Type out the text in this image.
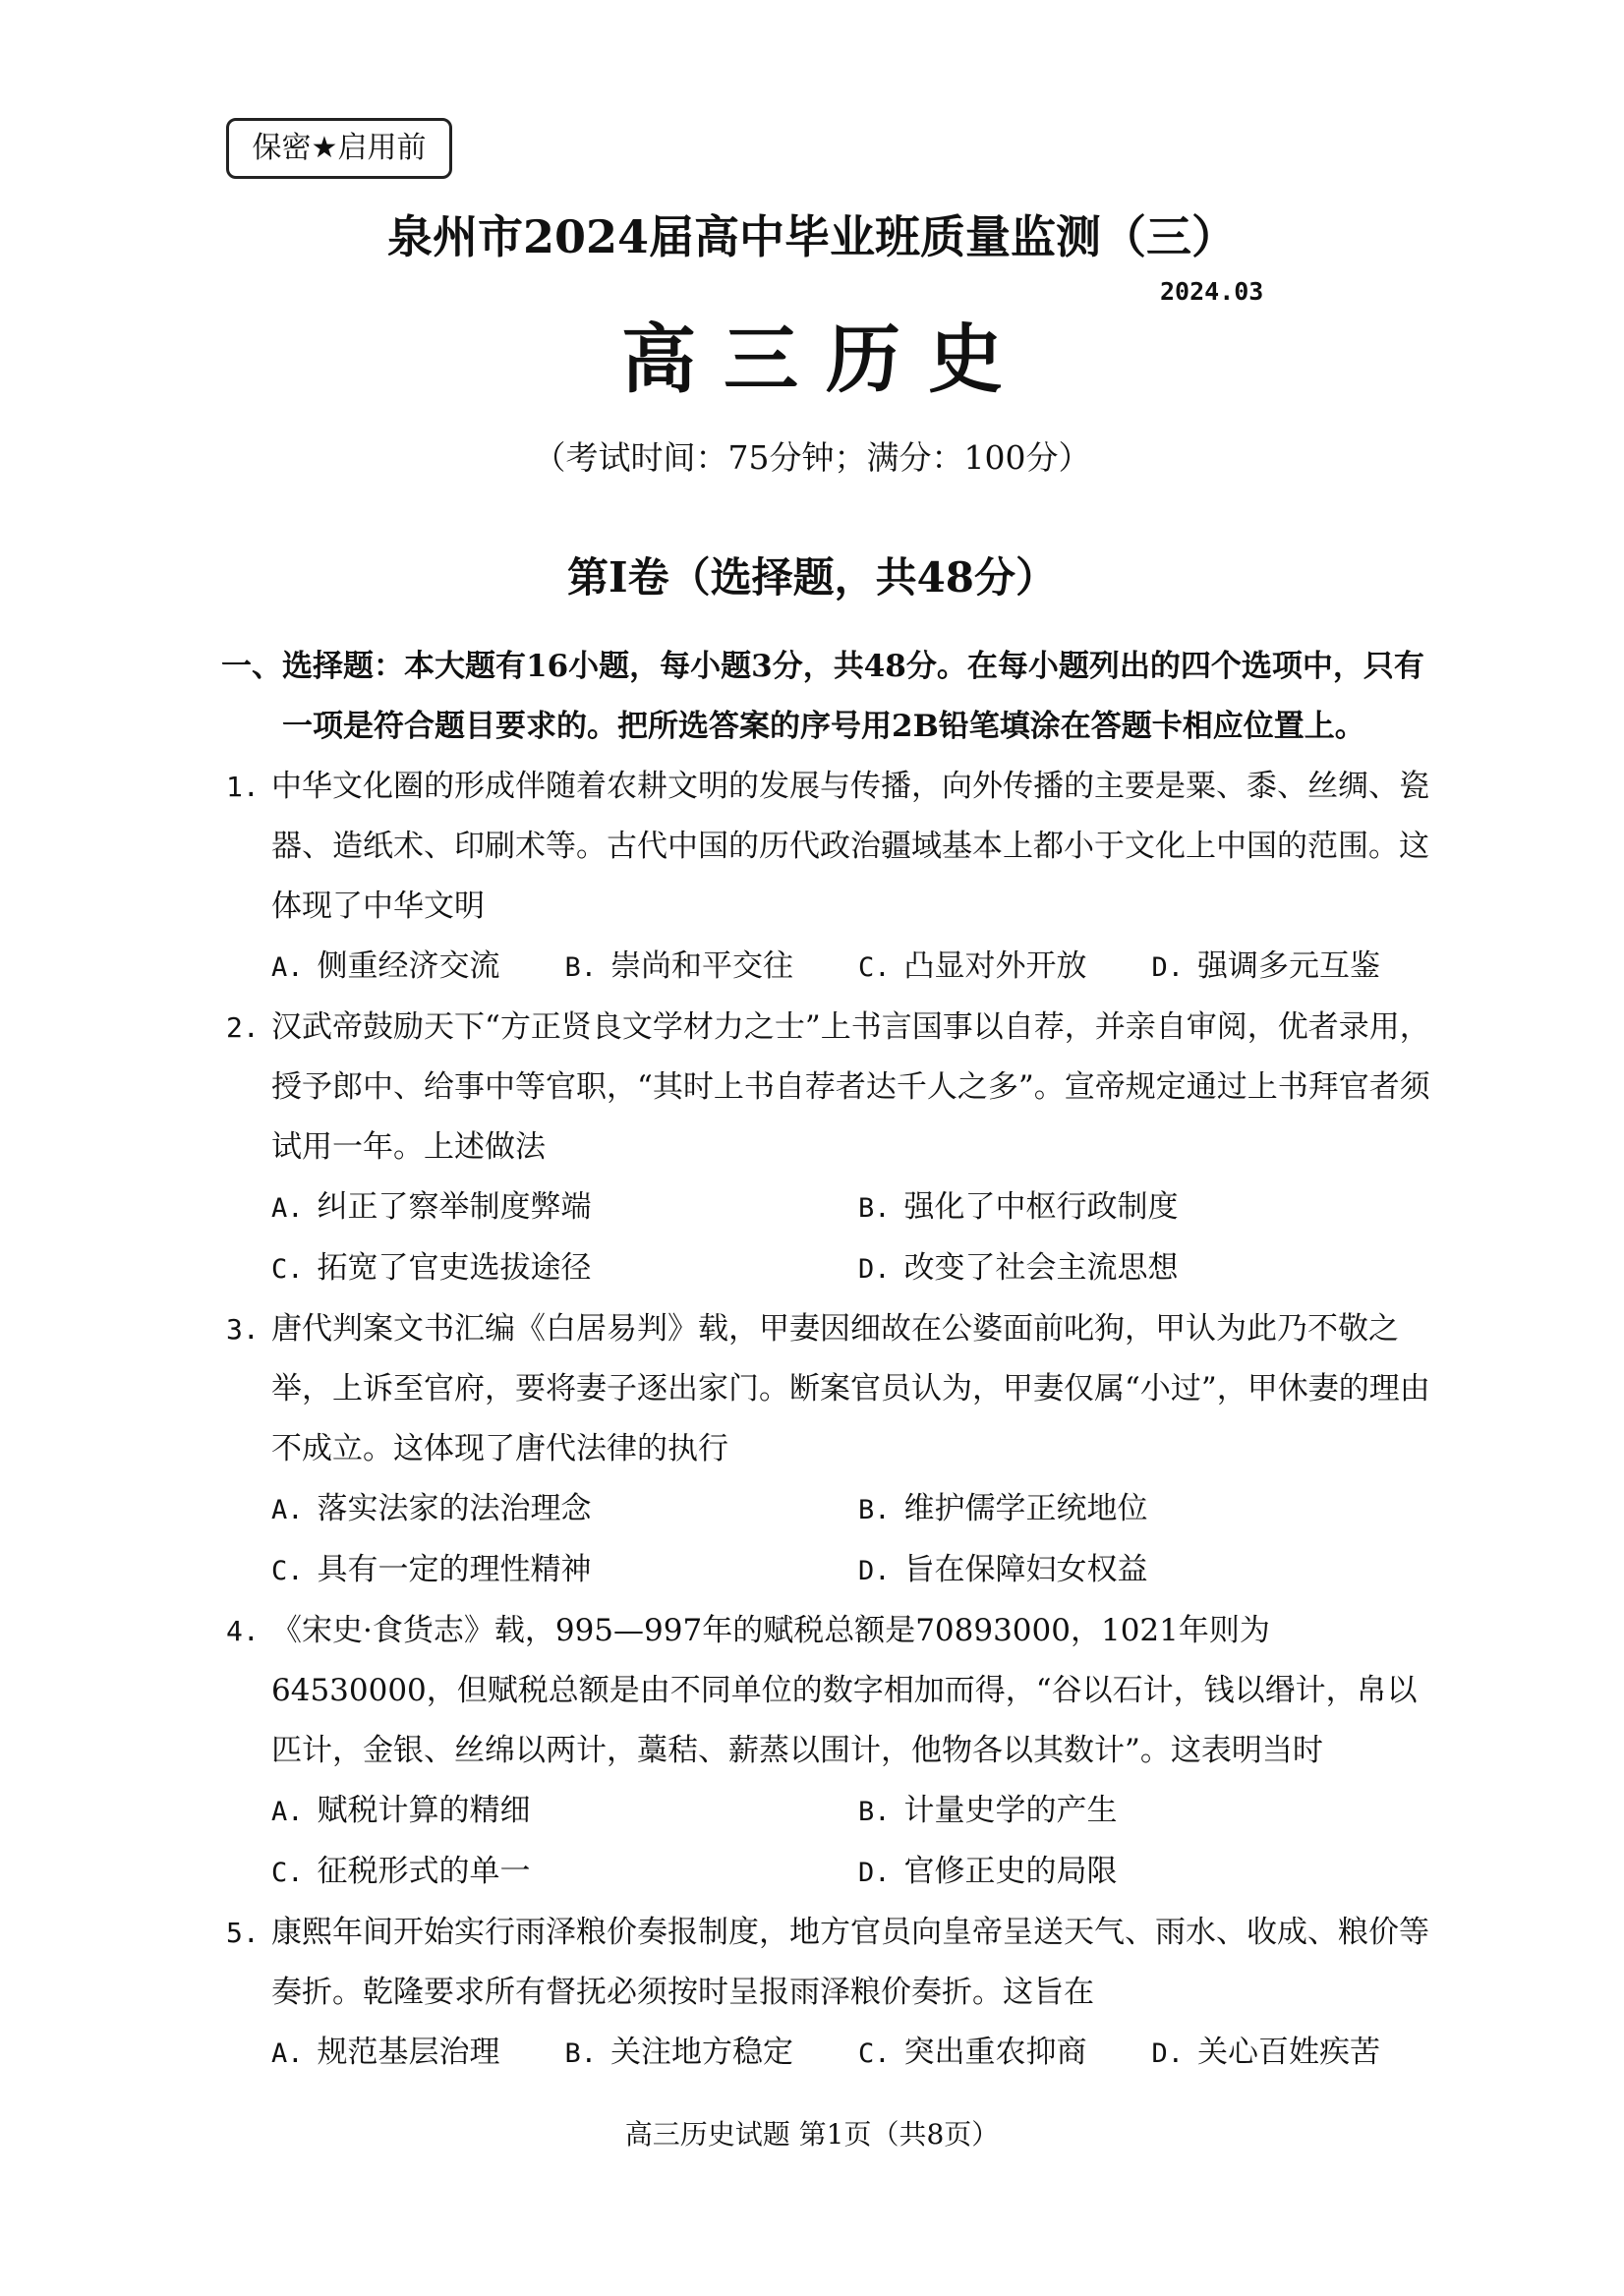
保密★启用前
泉州市2024届高中毕业班质量监测（三）
2024.03
高三历史
（考试时间：75分钟；满分：100分）
第I卷（选择题，共48分）
一、选择题：本大题有16小题，每小题3分，共48分。在每小题列出的四个选项中，只有
一项是符合题目要求的。把所选答案的序号用2B铅笔填涂在答题卡相应位置上。
1. 中华文化圈的形成伴随着农耕文明的发展与传播，向外传播的主要是粟、黍、丝绸、瓷器、造纸术、印刷术等。古代中国的历代政治疆域基本上都小于文化上中国的范围。这体现了中华文明
A. 侧重经济交流	B. 崇尚和平交往	C. 凸显对外开放	D. 强调多元互鉴
2. 汉武帝鼓励天下“方正贤良文学材力之士”上书言国事以自荐，并亲自审阅，优者录用，授予郎中、给事中等官职，“其时上书自荐者达千人之多”。宣帝规定通过上书拜官者须试用一年。上述做法
A. 纠正了察举制度弊端	B. 强化了中枢行政制度
C. 拓宽了官吏选拔途径	D. 改变了社会主流思想
3. 唐代判案文书汇编《白居易判》载，甲妻因细故在公婆面前叱狗，甲认为此乃不敬之举，上诉至官府，要将妻子逐出家门。断案官员认为，甲妻仅属“小过”，甲休妻的理由不成立。这体现了唐代法律的执行
A. 落实法家的法治理念	B. 维护儒学正统地位
C. 具有一定的理性精神	D. 旨在保障妇女权益
4. 《宋史·食货志》载，995—997年的赋税总额是70893000，1021年则为64530000，但赋税总额是由不同单位的数字相加而得，“谷以石计，钱以缗计，帛以匹计，金银、丝绵以两计，藁秸、薪蒸以围计，他物各以其数计”。这表明当时
A. 赋税计算的精细	B. 计量史学的产生
C. 征税形式的单一	D. 官修正史的局限
5. 康熙年间开始实行雨泽粮价奏报制度，地方官员向皇帝呈送天气、雨水、收成、粮价等奏折。乾隆要求所有督抚必须按时呈报雨泽粮价奏折。这旨在
A. 规范基层治理	B. 关注地方稳定	C. 突出重农抑商	D. 关心百姓疾苦
高三历史试题 第1页（共8页）
